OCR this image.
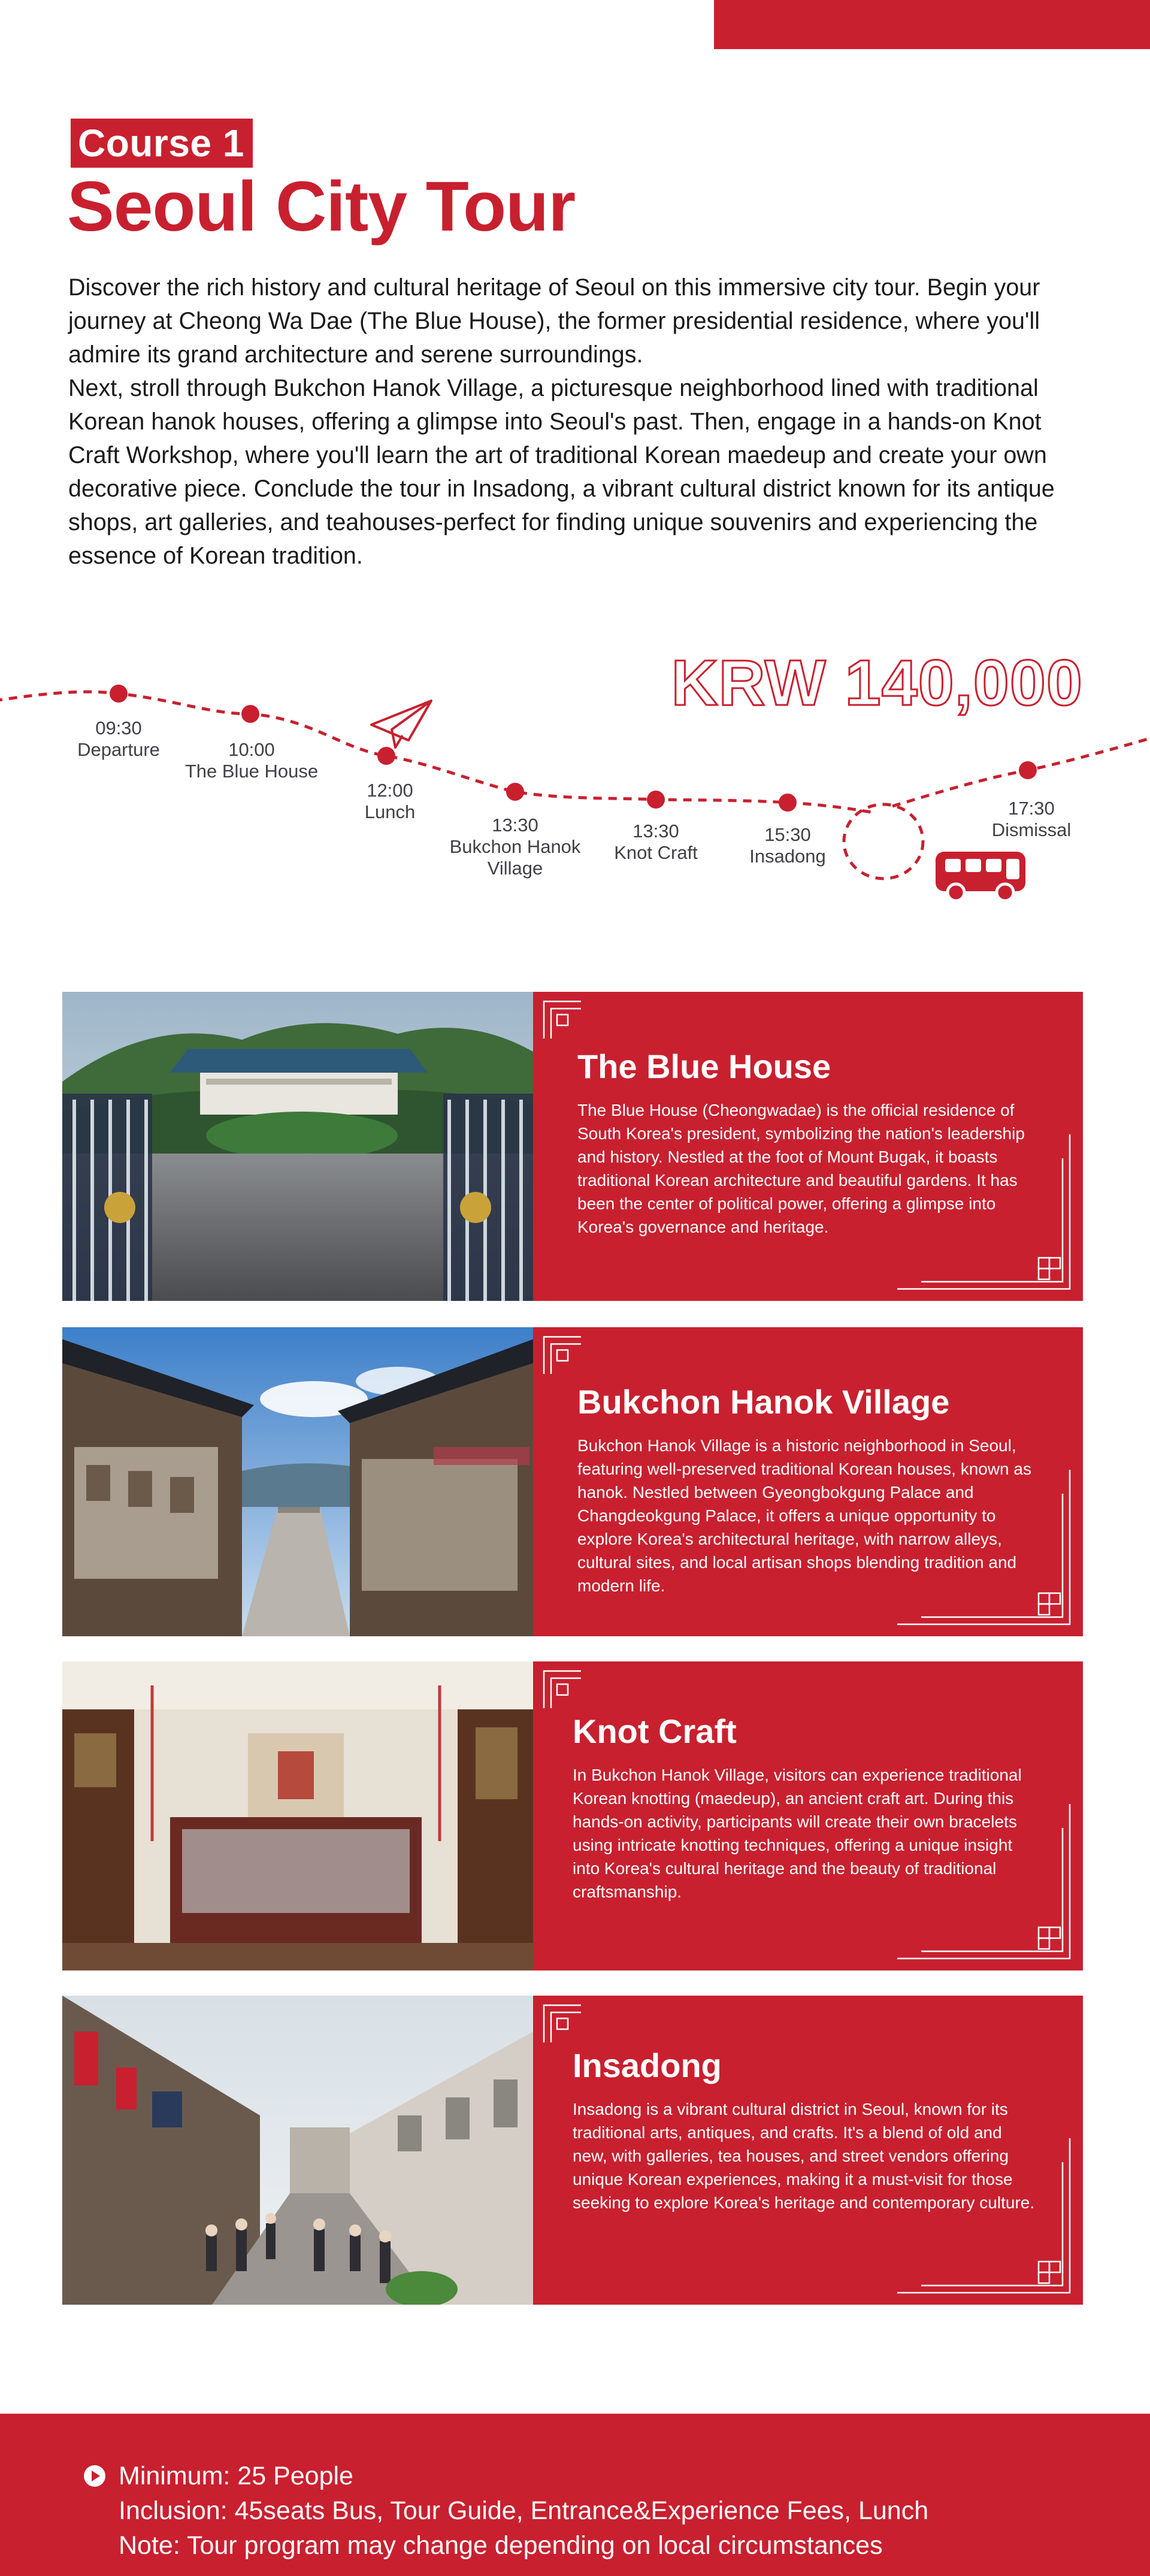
Course 1
Seoul City Tour

Discover the rich history and cultural heritage of Seoul on this immersive city tour. Begin your journey at Cheong Wa Dae (The Blue House), the former presidential residence, where you'll admire its grand architecture and serene surroundings.

Next, stroll through Bukchon Hanok Village, a picturesque neighborhood lined with traditional Korean hanok houses, offering a glimpse into Seoul's past. Then, engage in a hands-on Knot Craft Workshop, where you'll learn the art of traditional Korean maedeup and create your own decorative piece. Conclude the tour in Insadong, a vibrant cultural district known for its antique shops, art galleries, and teahouses-perfect for finding unique souvenirs and experiencing the essence of Korean tradition.

KRW 140,000
09:30
Departure	10:00
The Blue House
12:00
Lunch
13:30
Bukchon Hanok Village
13:30
Knot Craft
15:30
Insadong
17:30
Dismissal
The Blue House

The Blue House (Cheongwadae) is the official residence of South Korea's president, symbolizing the nation's leadership and history. Nestled at the foot of Mount Bugak, it boasts traditional Korean architecture and beautiful gardens. It has been the center of political power, offering a glimpse into Korea's governance and heritage.

Bukchon Hanok Village

Bukchon Hanok Village is a historic neighborhood in Seoul, featuring well-preserved traditional Korean houses, known as hanok. Nestled between Gyeongbokgung Palace and Changdeokgung Palace, it offers a unique opportunity to explore Korea's architectural heritage, with narrow alleys, cultural sites, and local artisan shops blending tradition and modern life.

Knot Craft

In Bukchon Hanok Village, visitors can experience traditional Korean knotting (maedeup), an ancient craft art. During this hands-on activity, participants will create their own bracelets using intricate knotting techniques, offering a unique insight into Korea's cultural heritage and the beauty of traditional craftsmanship.

Insadong

Insadong is a vibrant cultural district in Seoul, known for its traditional arts, antiques, and crafts. It's a blend of old and new, with galleries, tea houses, and street vendors offering unique Korean experiences, making it a must-visit for those seeking to explore Korea's heritage and contemporary culture.

Minimum: 25 People
Inclusion: 45seats Bus, Tour Guide, Entrance&Experience Fees, Lunch
Note: Tour program may change depending on local circumstances
